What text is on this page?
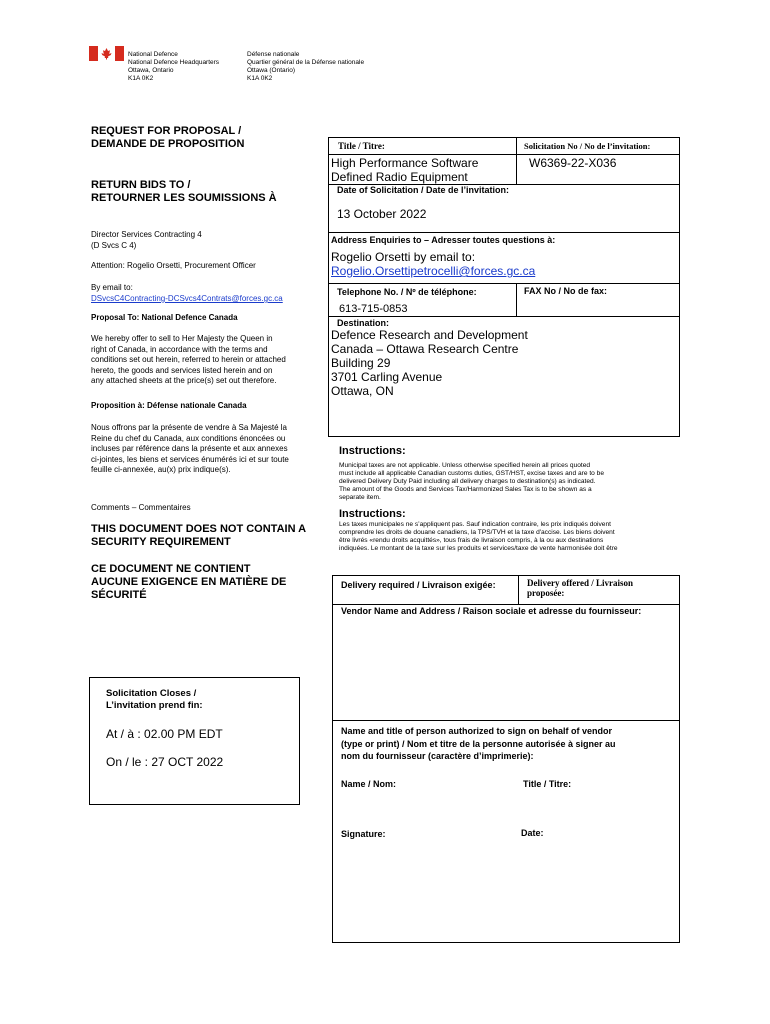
National Defence
National Defence Headquarters
Ottawa, Ontario
K1A 0K2
Défense nationale
Quartier général de la Défense nationale
Ottawa (Ontario)
K1A 0K2
REQUEST FOR PROPOSAL /
DEMANDE DE PROPOSITION
RETURN BIDS TO /
RETOURNER LES SOUMISSIONS À
Director Services Contracting 4
(D Svcs C 4)
Attention: Rogelio Orsetti, Procurement Officer
By email to:
DSvcsC4Contracting-DCSvcs4Contrats@forces.gc.ca
Proposal To: National Defence Canada
We hereby offer to sell to Her Majesty the Queen in
right of Canada, in accordance with the terms and
conditions set out herein, referred to herein or attached
hereto, the goods and services listed herein and on
any attached sheets at the price(s) set out therefore.
Proposition à: Défense nationale Canada
Nous offrons par la présente de vendre à Sa Majesté la
Reine du chef du Canada, aux conditions énoncées ou
incluses par référence dans la présente et aux annexes
ci-jointes, les biens et services énumérés ici et sur toute
feuille ci-annexée, au(x) prix indique(s).
Comments – Commentaires
THIS DOCUMENT DOES NOT CONTAIN A
SECURITY REQUIREMENT
CE DOCUMENT NE CONTIENT
AUCUNE EXIGENCE EN MATIÈRE DE
SÉCURITÉ
Solicitation Closes /
L’invitation prend fin:
At / à : 02.00 PM EDT
On / le : 27 OCT 2022
Title / Titre:	Solicitation No / No de l’invitation:
High Performance Software
Defined Radio Equipment
W6369-22-X036
Date of Solicitation / Date de l’invitation:
13 October 2022
Address Enquiries to – Adresser toutes questions à:
Rogelio Orsetti by email to:
Rogelio.Orsettipetrocelli@forces.gc.ca
Telephone No. / Nº de téléphone:
613-715-0853
FAX No / No de fax:
Destination:
Defence Research and Development
Canada – Ottawa Research Centre
Building 29
3701 Carling Avenue
Ottawa, ON
Instructions:
Municipal taxes are not applicable. Unless otherwise specified herein all prices quoted
must include all applicable Canadian customs duties, GST/HST, excise taxes and are to be
delivered Delivery Duty Paid including all delivery charges to destination(s) as indicated.
The amount of the Goods and Services Tax/Harmonized Sales Tax is to be shown as a
separate item.
Instructions:
Les taxes municipales ne s’appliquent pas. Sauf indication contraire, les prix indiqués doivent
comprendre les droits de douane canadiens, la TPS/TVH et la taxe d'accise. Les biens doivent
être livrés «rendu droits acquittés», tous frais de livraison compris, à la ou aux destinations
indiquées. Le montant de la taxe sur les produits et services/taxe de vente harmonisée doit être
Delivery required / Livraison exigée:	Delivery offered / Livraison
proposée:
Vendor Name and Address / Raison sociale et adresse du fournisseur:
Name and title of person authorized to sign on behalf of vendor
(type or print) / Nom et titre de la personne autorisée à signer au
nom du fournisseur (caractère d’imprimerie):
Name / Nom:	Title / Titre:
Signature:	Date:
